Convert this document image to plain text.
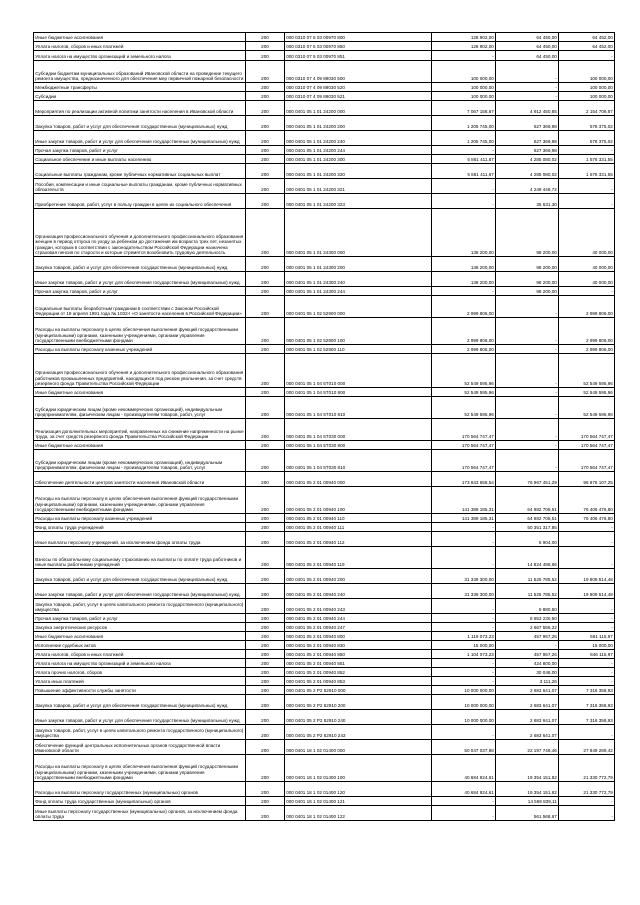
Иные бюджетные ассигнования	200	000 0310 07 5 03 00970 800	128 902,00	64 450,00	64 452,00
Уплата налогов, сборов и иных платежей	200	000 0310 07 5 03 00970 850	128 902,00	64 450,00	64 452,00
Уплата налога на имущество организаций и земельного налога	200	000 0310 07 5 03 00970 851	-	64 450,00	-
Субсидии бюджетам муниципальных образований Ивановской области на проведение текущего ремонта имущества, предназначенного для обеспечения мер первичной пожарной безопасности	200	000 0310 07 4 09 89030 500	100 000,00	-	100 000,00
Межбюджетные трансферты	200	000 0310 07 4 09 89030 520	100 000,00	-	100 000,00
Субсидии	200	000 0310 07 4 09 89030 521	100 000,00	-	100 000,00
Мероприятия по реализации активной политики занятости населения в Ивановской области	200	000 0401 05 1 01 24200 000	7 067 158,67	4 912 450,85	2 154 706,87
Закупка товаров, работ и услуг для обеспечения государственных (муниципальных) нужд	200	000 0401 05 1 01 24200 200	1 205 745,00	627 369,98	578 375,02
Иные закупки товаров, работ и услуг для обеспечения государственных (муниципальных) нужд	200	000 0401 05 1 01 24200 240	1 205 745,00	627 369,98	578 375,02
Прочая закупка товаров, работ и услуг	200	000 0401 05 1 01 24200 244	-	627 369,98	-
Социальное обеспечение и иные выплаты населению	200	000 0401 05 1 01 24200 300	5 861 411,67	4 285 080,02	1 576 331,55
Социальные выплаты гражданам, кроме публичных нормативных социальных выплат	200	000 0401 05 1 01 24200 320	5 861 411,67	4 285 080,02	1 576 331,55
Пособия, компенсации и иные социальные выплаты гражданам, кроме публичных нормативных обязательств	200	000 0401 05 1 01 24200 321	-	4 249 448,72	-
Приобретение товаров, работ, услуг в пользу граждан в целях их социального обеспечения	200	000 0401 05 1 01 24200 323	-	35 631,30	-
Организация профессионального обучения и дополнительного профессионального образования женщин в период отпуска по уходу за ребенком до достижения им возраста трех лет, незанятых граждан, которым в соответствии с законодательством Российской Федерации назначена страховая пенсия по старости и которые стремятся возобновить трудовую деятельность	200	000 0401 05 1 01 24300 000	138 200,00	98 200,00	40 000,00
Закупка товаров, работ и услуг для обеспечения государственных (муниципальных) нужд	200	000 0401 05 1 01 24300 200	138 200,00	98 200,00	40 000,00
Иные закупки товаров, работ и услуг для обеспечения государственных (муниципальных) нужд	200	000 0401 05 1 01 24300 240	138 200,00	98 200,00	40 000,00
Прочая закупка товаров, работ и услуг	200	000 0401 05 1 01 24300 244	-	98 200,00	-
Социальные выплаты безработным гражданам в соответствии с Законом Российской Федерации от 19 апреля 1991 года № 1032-I «О занятости населения в Российской Федерации»	200	000 0401 05 1 02 52900 000	2 999 806,00	-	2 999 806,00
Расходы на выплаты персоналу в целях обеспечения выполнения функций государственными (муниципальными) органами, казенными учреждениями, органами управления государственными внебюджетными фондами	200	000 0401 05 1 02 52900 100	2 999 806,00	-	2 999 806,00
Расходы на выплаты персоналу казенных учреждений	200	000 0401 05 1 02 52900 110	2 999 806,00	-	2 999 806,00
Организация профессионального обучения и дополнительного профессионального образования работников промышленных предприятий, находящихся под риском увольнения, за счет средств резервного фонда Правительства Российской Федерации	200	000 0401 05 1 04 5Т010 000	52 549 595,96	-	52 549 595,96
Иные бюджетные ассигнования	200	000 0401 05 1 04 5Т010 800	52 549 595,96	-	52 549 595,96
Субсидии юридическим лицам (кроме некоммерческих организаций), индивидуальным предпринимателям, физическим лицам - производителям товаров, работ, услуг	200	000 0401 05 1 04 5Т010 810	52 549 595,96	-	52 549 595,96
Реализация дополнительных мероприятий, направленных на снижение напряженности на рынке труда, за счет средств резервного фонда Правительства Российской Федерации	200	000 0401 05 1 04 5Т030 000	170 564 747,47	-	170 564 747,47
Иные бюджетные ассигнования	200	000 0401 05 1 04 5Т030 800	170 564 747,47	-	170 564 747,47
Субсидии юридическим лицам (кроме некоммерческих организаций), индивидуальным предпринимателям, физическим лицам - производителям товаров, работ, услуг	200	000 0401 05 1 04 5Т030 810	170 564 747,47	-	170 564 747,47
Обеспечение деятельности центров занятости населения Ивановской области	200	000 0401 05 2 01 00940 000	173 843 558,54	76 967 451,29	96 876 107,25
Расходы на выплаты персоналу в целях обеспечения выполнения функций государственными (муниципальными) органами, казенными учреждениями, органами управления государственными внебюджетными фондами	200	000 0401 05 2 01 00940 100	141 389 185,31	64 982 708,51	76 406 476,80
Расходы на выплаты персоналу казенных учреждений	200	000 0401 05 2 01 00940 110	141 389 185,31	64 982 708,51	76 406 476,80
Фонд оплаты труда учреждений	200	000 0401 05 2 01 00940 111	-	50 351 317,85	-
Иные выплаты персоналу учреждений, за исключением фонда оплаты труда	200	000 0401 05 2 01 00940 112	-	6 904,00	-
Взносы по обязательному социальному страхованию на выплаты по оплате труда работников и иные выплаты работникам учреждений	200	000 0401 05 2 01 00940 119	-	14 624 486,66	-
Закупка товаров, работ и услуг для обеспечения государственных (муниципальных) нужд	200	000 0401 05 2 01 00940 200	31 339 300,00	11 525 785,52	19 809 514,48
Иные закупки товаров, работ и услуг для обеспечения государственных (муниципальных) нужд	200	000 0401 05 2 01 00940 240	31 339 300,00	11 525 785,52	19 809 514,48
Закупка товаров, работ, услуг в целях капитального ремонта государственного (муниципального) имущества	200	000 0401 05 2 01 00940 243	-	5 880,50	-
Прочая закупка товаров, работ и услуг	200	000 0401 05 2 01 00940 244	-	8 853 230,50	-
Закупка энергетических ресурсов	200	000 0401 05 2 01 00940 247	-	2 667 556,22	-
Иные бюджетные ассигнования	200	000 0401 05 2 01 00940 800	1 119 073,23	457 957,26	661 115,97
Исполнение судебных актов	200	000 0401 05 2 01 00940 830	15 000,00	-	15 000,00
Уплата налогов, сборов и иных платежей	200	000 0401 05 2 01 00940 850	1 104 073,23	457 957,26	646 115,97
Уплата налога на имущество организаций и земельного налога	200	000 0401 05 2 01 00940 851	-	424 800,00	-
Уплата прочих налогов, сборов	200	000 0401 05 2 01 00940 852	-	30 046,00	-
Уплата иных платежей	200	000 0401 05 2 01 00940 853	-	3 111,26	-
Повышение эффективности службы занятости	200	000 0401 05 2 P2 52910 000	10 000 000,00	2 683 641,07	7 316 358,93
Закупка товаров, работ и услуг для обеспечения государственных (муниципальных) нужд	200	000 0401 05 2 P2 52910 200	10 000 000,00	2 683 641,07	7 316 358,93
Иные закупки товаров, работ и услуг для обеспечения государственных (муниципальных) нужд	200	000 0401 05 2 P2 52910 240	10 000 000,00	2 683 641,07	7 316 358,93
Закупка товаров, работ, услуг в целях капитального ремонта государственного (муниципального) имущества	200	000 0401 05 2 P2 52910 243	-	2 683 641,07	-
Обеспечение функций центральных исполнительных органов государственной власти Ивановской области	200	000 0401 18 1 02 01400 000	50 047 037,88	22 197 748,46	27 849 289,42
Расходы на выплаты персоналу в целях обеспечения выполнения функций государственными (муниципальными) органами, казенными учреждениями, органами управления государственными внебюджетными фондами	200	000 0401 18 1 02 01400 100	40 684 924,61	19 354 151,82	21 330 772,79
Расходы на выплаты персоналу государственных (муниципальных) органов	200	000 0401 18 1 02 01400 120	40 684 924,61	19 354 151,82	21 330 772,79
Фонд оплаты труда государственных (муниципальных) органов	200	000 0401 18 1 02 01400 121	-	14 569 839,11	-
Иные выплаты персоналу государственных (муниципальных) органов, за исключением фонда оплаты труда	200	000 0401 18 1 02 01400 122	-	561 568,67	-
